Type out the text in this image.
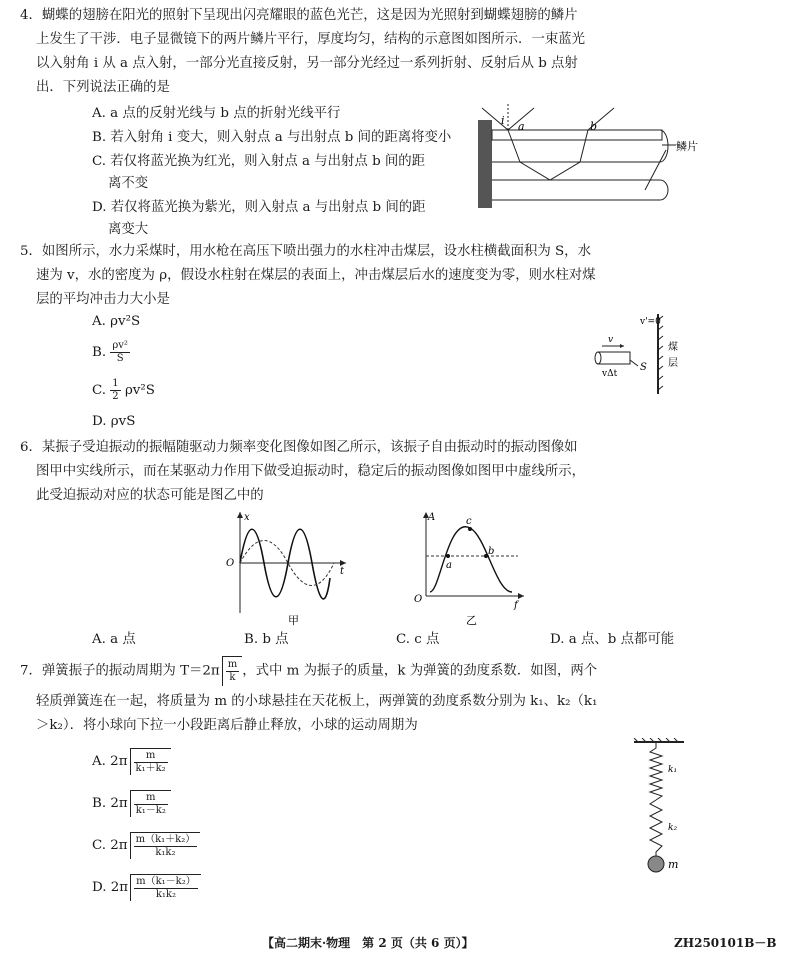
4．蝴蝶的翅膀在阳光的照射下呈现出闪亮耀眼的蓝色光芒，这是因为光照射到蝴蝶翅膀的鳞片
上发生了干涉．电子显微镜下的两片鳞片平行，厚度均匀，结构的示意图如图所示．一束蓝光
以入射角 i 从 a 点入射，一部分光直接反射，另一部分光经过一系列折射、反射后从 b 点射
出．下列说法正确的是
A. a 点的反射光线与 b 点的折射光线平行
B. 若入射角 i 变大，则入射点 a 与出射点 b 间的距离将变小
C. 若仅将蓝光换为红光，则入射点 a 与出射点 b 间的距
离不变
D. 若仅将蓝光换为紫光，则入射点 a 与出射点 b 间的距
离变大
i a	b
鳞片
5．如图所示，水力采煤时，用水枪在高压下喷出强力的水柱冲击煤层，设水柱横截面积为 S，水
速为 v，水的密度为 ρ，假设水柱射在煤层的表面上，冲击煤层后水的速度变为零，则水柱对煤
层的平均冲击力大小是
A. ρv²S
B. $\frac{\text{ρv²}}{S}$
C. $\frac{1}{2} \rho v^2S$
D. ρvS
v
vΔt
S
v'=0
煤
层
6．某振子受迫振动的振幅随驱动力频率变化图像如图乙所示，该振子自由振动时的振动图像如
图甲中实线所示，而在某驱动力作用下做受迫振动时，稳定后的振动图像如图甲中虚线所示，
此受迫振动对应的状态可能是图乙中的
x
O
t
甲
A
O
f
a
c
b
乙
A. a 点	B. b 点	C. c 点	D. a 点、b 点都可能
7．弹簧振子的振动周期为 $T=2\pi \frac{m}{k}$ ，式中 m 为振子的质量，k 为弹簧的劲度系数．如图，两个
轻质弹簧连在一起，将质量为 m 的小球悬挂在天花板上，两弹簧的劲度系数分别为 k₁、k₂（k₁
＞k₂）．将小球向下拉一小段距离后静止释放，小球的运动周期为
A. $2\pi \frac{m}{\text{k₁＋k₂}}$
B. $2\pi \frac{m}{\text{k₁－k₂}}$
C. $2\pi \frac{\text{m（k₁＋k₂）}}{\text{k₁k₂}}$
D. $2\pi \frac{\text{m（k₁－k₂）}}{\text{k₁k₂}}$
k₁
k₂
m
【高二期末·物理　第 2 页（共 6 页）】	ZH250101B－B
